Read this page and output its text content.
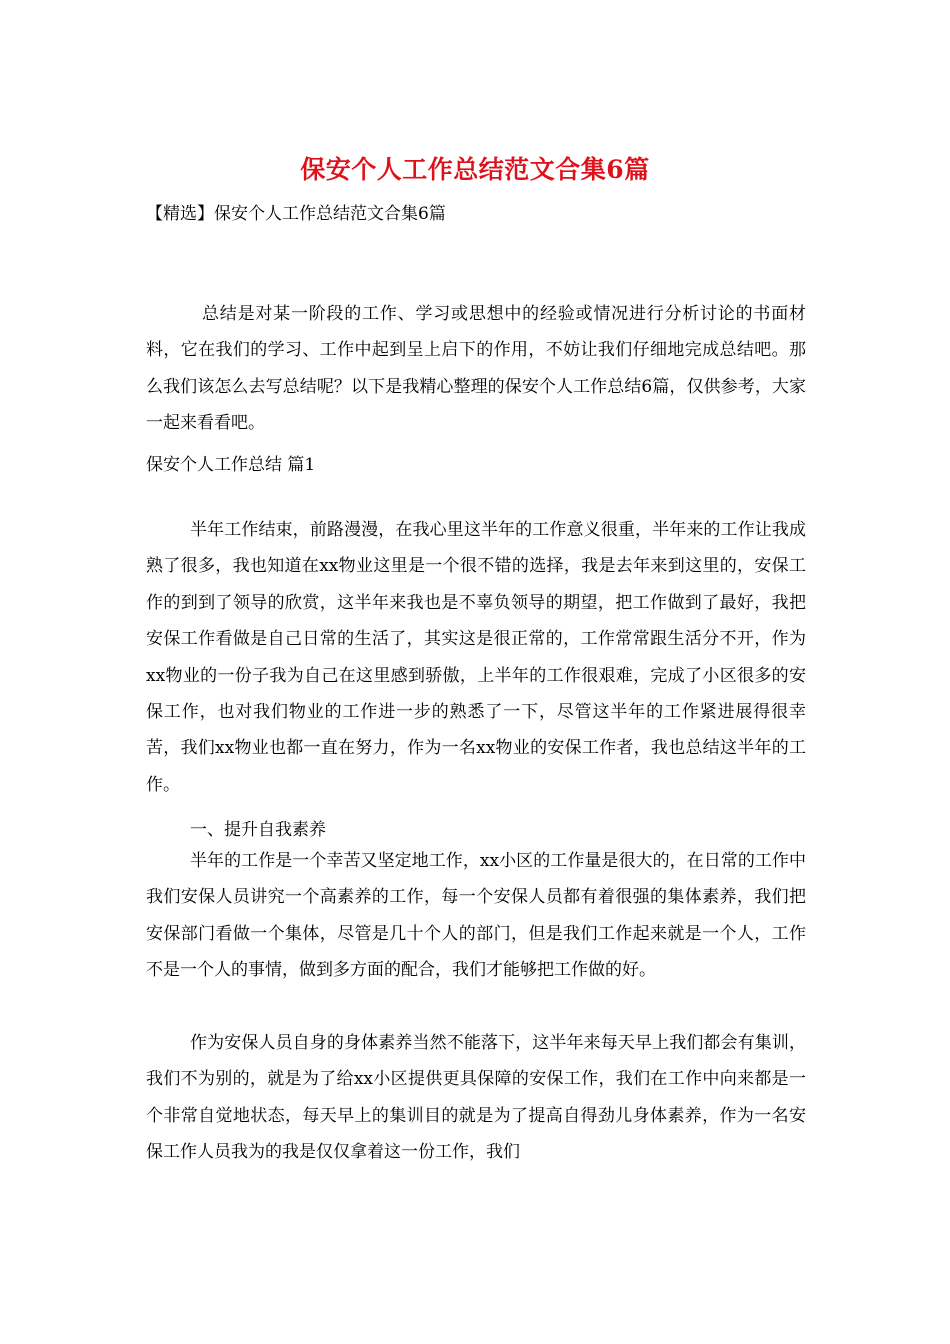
保安个人工作总结范文合集6篇

【精选】保安个人工作总结范文合集6篇

总结是对某一阶段的工作、学习或思想中的经验或情况进行分析讨论的书面材料，它在我们的学习、工作中起到呈上启下的作用，不妨让我们仔细地完成总结吧。那么我们该怎么去写总结呢？以下是我精心整理的保安个人工作总结6篇，仅供参考，大家一起来看看吧。

保安个人工作总结 篇1

半年工作结束，前路漫漫，在我心里这半年的工作意义很重，半年来的工作让我成熟了很多，我也知道在xx物业这里是一个很不错的选择，我是去年来到这里的，安保工作的到到了领导的欣赏，这半年来我也是不辜负领导的期望，把工作做到了最好，我把安保工作看做是自己日常的生活了，其实这是很正常的，工作常常跟生活分不开，作为xx物业的一份子我为自己在这里感到骄傲，上半年的工作很艰难，完成了小区很多的安保工作，也对我们物业的工作进一步的熟悉了一下，尽管这半年的工作紧进展得很幸苦，我们xx物业也都一直在努力，作为一名xx物业的安保工作者，我也总结这半年的工作。

一、提升自我素养

半年的工作是一个幸苦又坚定地工作，xx小区的工作量是很大的，在日常的工作中我们安保人员讲究一个高素养的工作，每一个安保人员都有着很强的集体素养，我们把安保部门看做一个集体，尽管是几十个人的部门，但是我们工作起来就是一个人，工作不是一个人的事情，做到多方面的配合，我们才能够把工作做的好。

作为安保人员自身的身体素养当然不能落下，这半年来每天早上我们都会有集训，我们不为别的，就是为了给xx小区提供更具保障的安保工作，我们在工作中向来都是一个非常自觉地状态，每天早上的集训目的就是为了提高自得劲儿身体素养，作为一名安保工作人员我为的我是仅仅拿着这一份工作，我们
